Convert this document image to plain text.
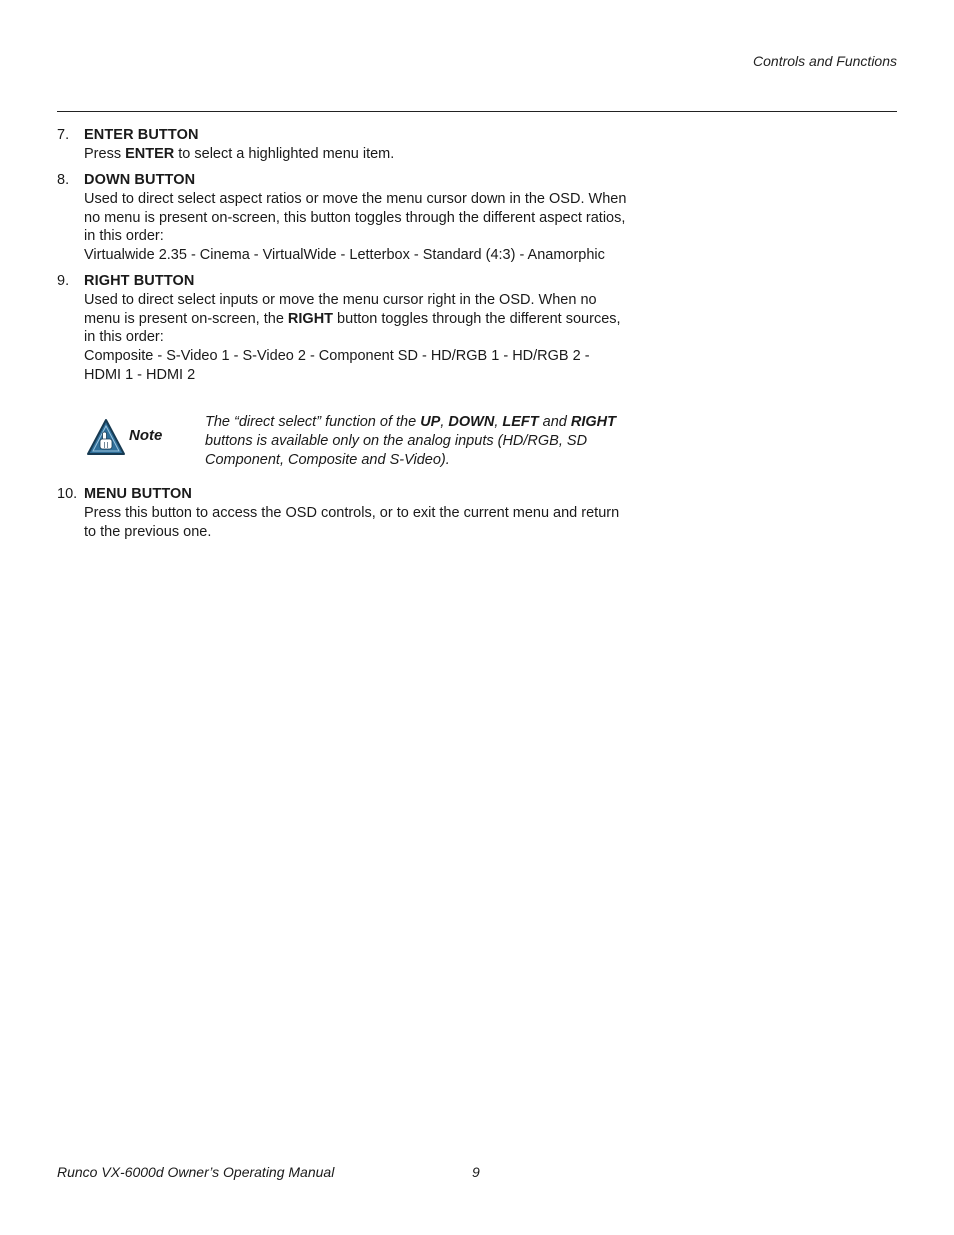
Controls and Functions
7. ENTER BUTTON
Press ENTER to select a highlighted menu item.
8. DOWN BUTTON
Used to direct select aspect ratios or move the menu cursor down in the OSD. When
no menu is present on-screen, this button toggles through the different aspect ratios,
in this order:
Virtualwide 2.35 - Cinema - VirtualWide - Letterbox - Standard (4:3) - Anamorphic
9. RIGHT BUTTON
Used to direct select inputs or move the menu cursor right in the OSD. When no
menu is present on-screen, the RIGHT button toggles through the different sources,
in this order:
Composite - S-Video 1 - S-Video 2 - Component SD - HD/RGB 1 - HD/RGB 2 -
HDMI 1 - HDMI 2
Note
The “direct select” function of the UP, DOWN, LEFT and RIGHT
buttons is available only on the analog inputs (HD/RGB, SD
Component, Composite and S-Video).
10. MENU BUTTON
Press this button to access the OSD controls, or to exit the current menu and return
to the previous one.
Runco VX-6000d Owner’s Operating Manual	9
